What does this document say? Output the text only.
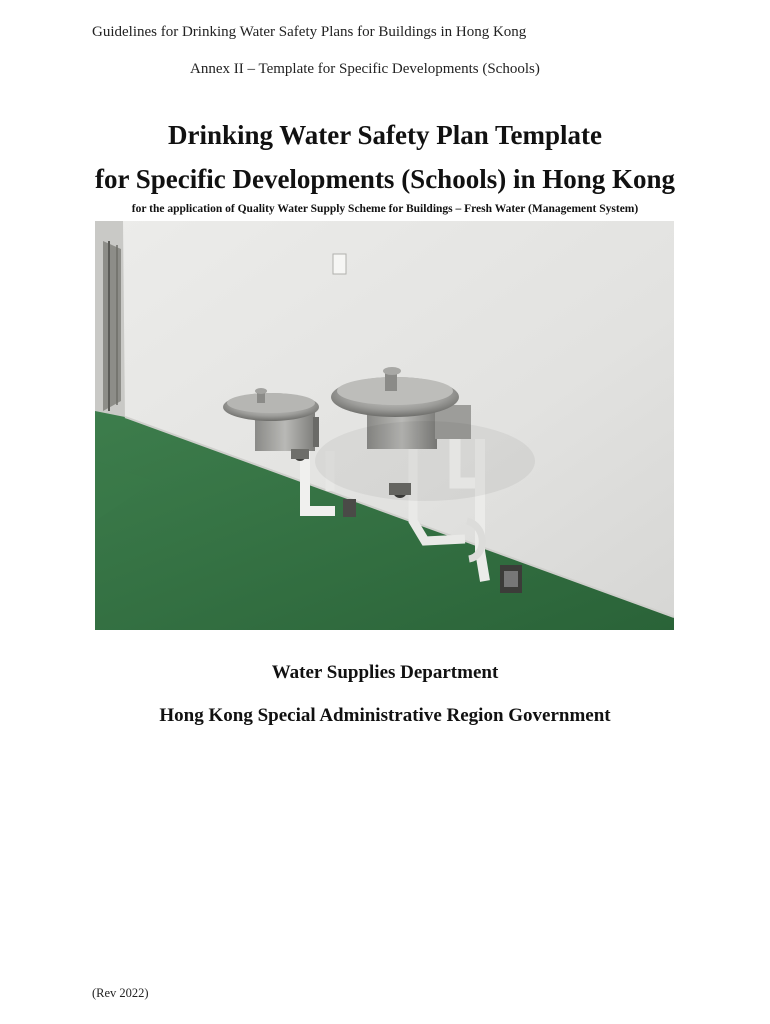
Guidelines for Drinking Water Safety Plans for Buildings in Hong Kong
Annex II – Template for Specific Developments (Schools)
Drinking Water Safety Plan Template
for Specific Developments (Schools) in Hong Kong
for the application of Quality Water Supply Scheme for Buildings – Fresh Water (Management System)
Water Supplies Department
Hong Kong Special Administrative Region Government
(Rev 2022)
